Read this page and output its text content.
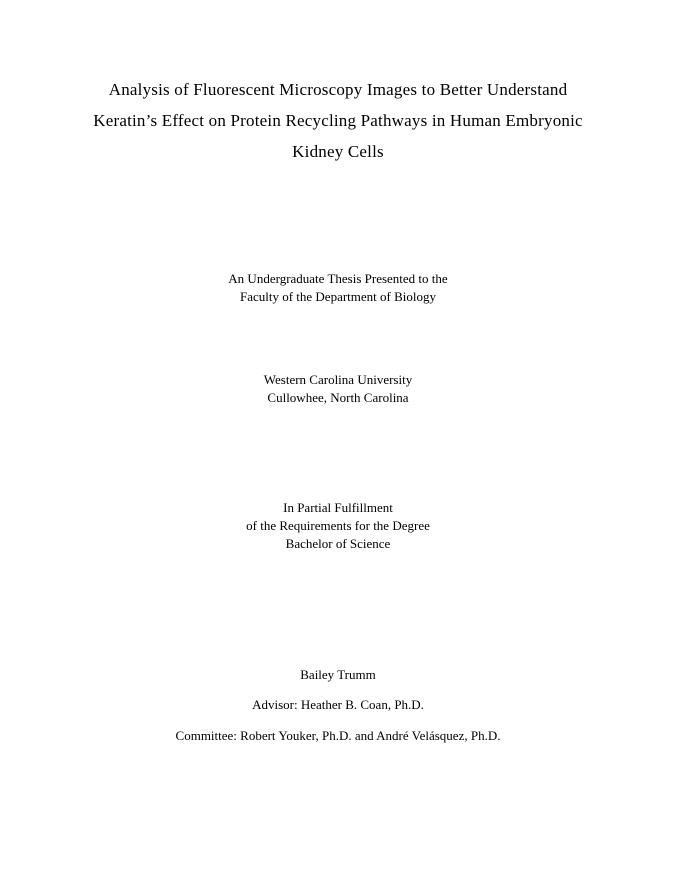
Analysis of Fluorescent Microscopy Images to Better Understand
Keratin’s Effect on Protein Recycling Pathways in Human Embryonic
Kidney Cells
An Undergraduate Thesis Presented to the
Faculty of the Department of Biology
Western Carolina University
Cullowhee, North Carolina
In Partial Fulfillment
of the Requirements for the Degree
Bachelor of Science
Bailey Trumm
Advisor: Heather B. Coan, Ph.D.
Committee: Robert Youker, Ph.D. and André Velásquez, Ph.D.
